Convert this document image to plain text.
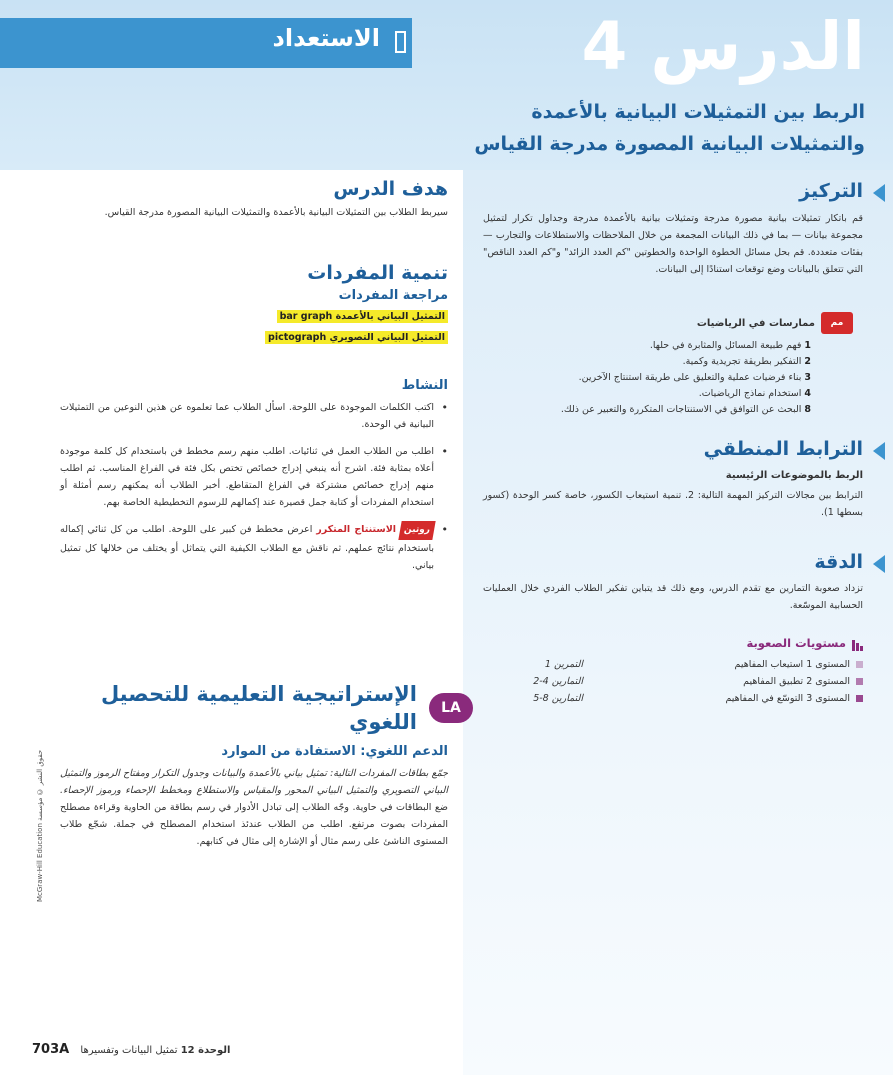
الاستعداد	الدرس 4
الربط بين التمثيلات البيانية بالأعمدة
والتمثيلات البيانية المصورة مدرجة القياس
التركيز
قم باتكار تمثيلات بيانية مصورة مدرجة وتمثيلات بيانية بالأعمدة مدرجة وجداول تكرار لتمثيل مجموعة بيانات — بما في ذلك البيانات المجمعة من خلال الملاحظات والاستطلاعات والتجارب — بفئات متعددة. قم بحل مسائل الخطوة الواحدة والخطوتين "كم العدد الزائد" و"كم العدد الناقص" التي تتعلق بالبيانات وضع توقعات استنادًا إلى البيانات.
مم
ممارسات في الرياضيات
1فهم طبيعة المسائل والمثابرة في حلها.
2التفكير بطريقة تجريدية وكمية.
3بناء فرضيات عملية والتعليق على طريقة استنتاج الآخرين.
4استخدام نماذج الرياضيات.
8البحث عن التوافق في الاستنتاجات المتكررة والتعبير عن ذلك.
الترابط المنطقي
الربط بالموضوعات الرئيسية
الترابط بين مجالات التركيز المهمة التالية: 2. تنمية استيعاب الكسور، خاصة كسر الوحدة (كسور بسطها 1).
الدقة
تزداد صعوبة التمارين مع تقدم الدرس، ومع ذلك قد يتباين تفكير الطلاب الفردي خلال العمليات الحسابية الموسّعة.
مستويات الصعوبة
المستوى 1 استيعاب المفاهيم	التمرين 1
المستوى 2 تطبيق المفاهيم	التمارين 4-2
المستوى 3 التوسّع في المفاهيم	التمارين 8-5
هدف الدرس
سيربط الطلاب بين التمثيلات البيانية بالأعمدة والتمثيلات البيانية المصورة مدرجة القياس.
تنمية المفردات
مراجعة المفردات
التمثيل البياني بالأعمدة bar graph
التمثيل البياني التصويري pictograph
النشاط
• اكتب الكلمات الموجودة على اللوحة. اسأل الطلاب عما تعلموه عن هذين النوعين من التمثيلات البيانية في الوحدة.
• اطلب من الطلاب العمل في ثنائيات. اطلب منهم رسم مخطط فن باستخدام كل كلمة موجودة أعلاه بمثابة فئة. اشرح أنه ينبغي إدراج خصائص تختص بكل فئة في الفراغ المناسب. ثم اطلب منهم إدراج خصائص مشتركة في الفراغ المتقاطع. أخبر الطلاب أنه يمكنهم رسم أمثلة أو استخدام المفردات أو كتابة جمل قصيرة عند إكمالهم للرسوم التخطيطية الخاصة بهم.
• روتينالاستنتاج المتكرر اعرض مخطط فن كبير على اللوحة. اطلب من كل ثنائي إكماله باستخدام نتائج عملهم. ثم ناقش مع الطلاب الكيفية التي يتماثل أو يختلف من خلالها كل تمثيل بياني.
LA
الإستراتيجية التعليمية للتحصيل
اللغوي
الدعم اللغوي: الاستفادة من الموارد
جمّع بطاقات المفردات التالية: تمثيل بياني بالأعمدة والبيانات وجدول التكرار ومفتاح الرموز والتمثيل البياني التصويري والتمثيل البياني المحور والمقياس والاستطلاع ومخطط الإحصاء ورموز الإحصاء. ضع البطاقات في حاوية. وجّه الطلاب إلى تبادل الأدوار في رسم بطاقة من الحاوية وقراءة مصطلح المفردات بصوت مرتفع. اطلب من الطلاب عندئذ استخدام المصطلح في جملة. شجّع طلاب المستوى الناشئ على رسم مثال أو الإشارة إلى مثال في كتابهم.
حقوق النشر © مؤسسة McGraw-Hill Education
الوحدة 12 تمثيل البيانات وتفسيرها 703A
